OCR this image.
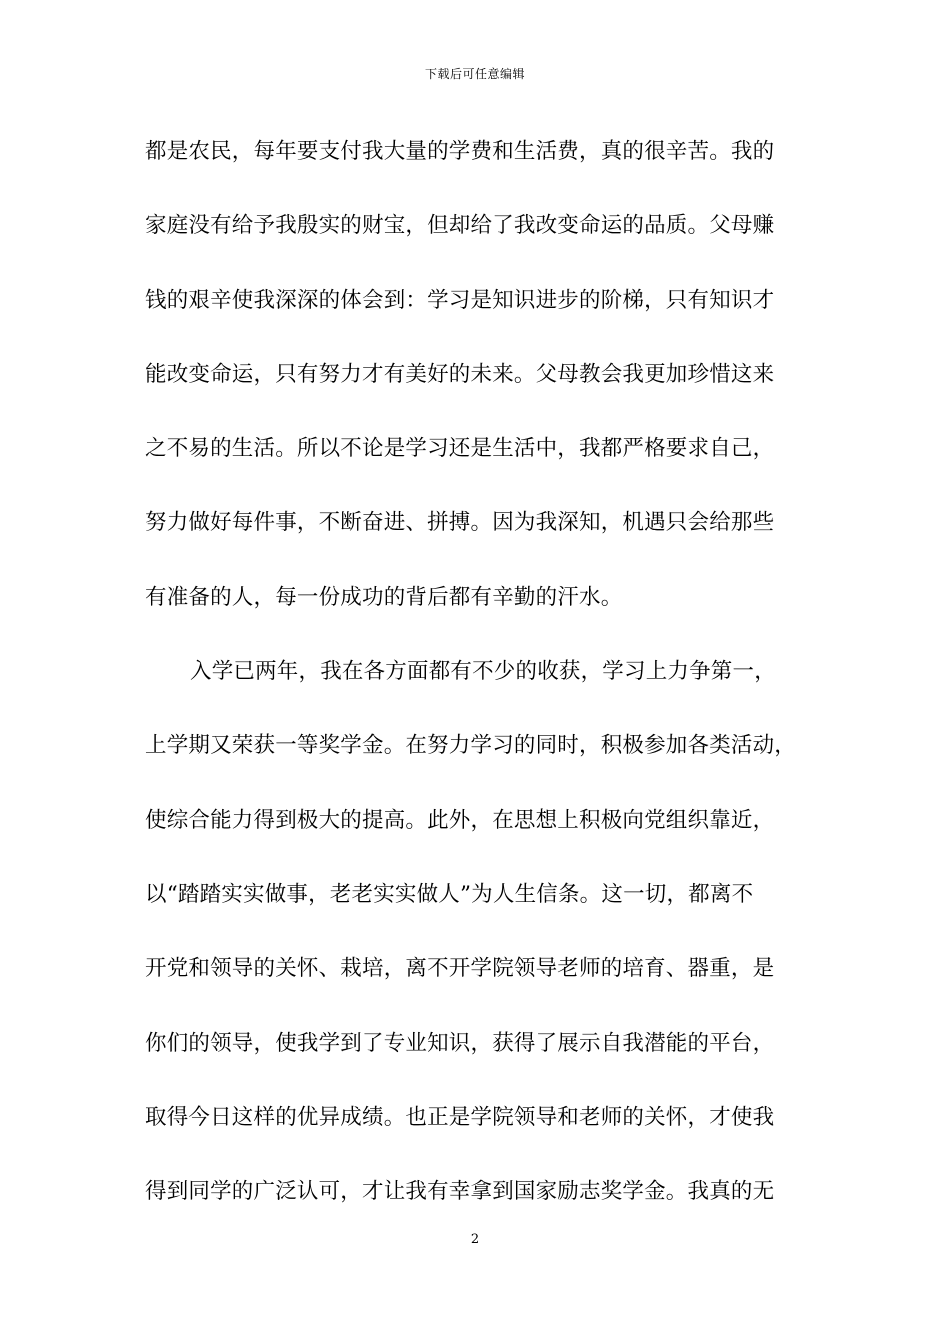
下载后可任意编辑
都是农民，每年要支付我大量的学费和生活费，真的很辛苦。我的
家庭没有给予我殷实的财宝，但却给了我改变命运的品质。父母赚
钱的艰辛使我深深的体会到：学习是知识进步的阶梯，只有知识才
能改变命运，只有努力才有美好的未来。父母教会我更加珍惜这来
之不易的生活。所以不论是学习还是生活中，我都严格要求自己，
努力做好每件事，不断奋进、拼搏。因为我深知，机遇只会给那些
有准备的人，每一份成功的背后都有辛勤的汗水。
入学已两年，我在各方面都有不少的收获，学习上力争第一，
上学期又荣获一等奖学金。在努力学习的同时，积极参加各类活动，
使综合能力得到极大的提高。此外，在思想上积极向党组织靠近，
以“踏踏实实做事，老老实实做人”为人生信条。这一切，都离不
开党和领导的关怀、栽培，离不开学院领导老师的培育、器重，是
你们的领导，使我学到了专业知识，获得了展示自我潜能的平台，
取得今日这样的优异成绩。也正是学院领导和老师的关怀，才使我
得到同学的广泛认可，才让我有幸拿到国家励志奖学金。我真的无
2
